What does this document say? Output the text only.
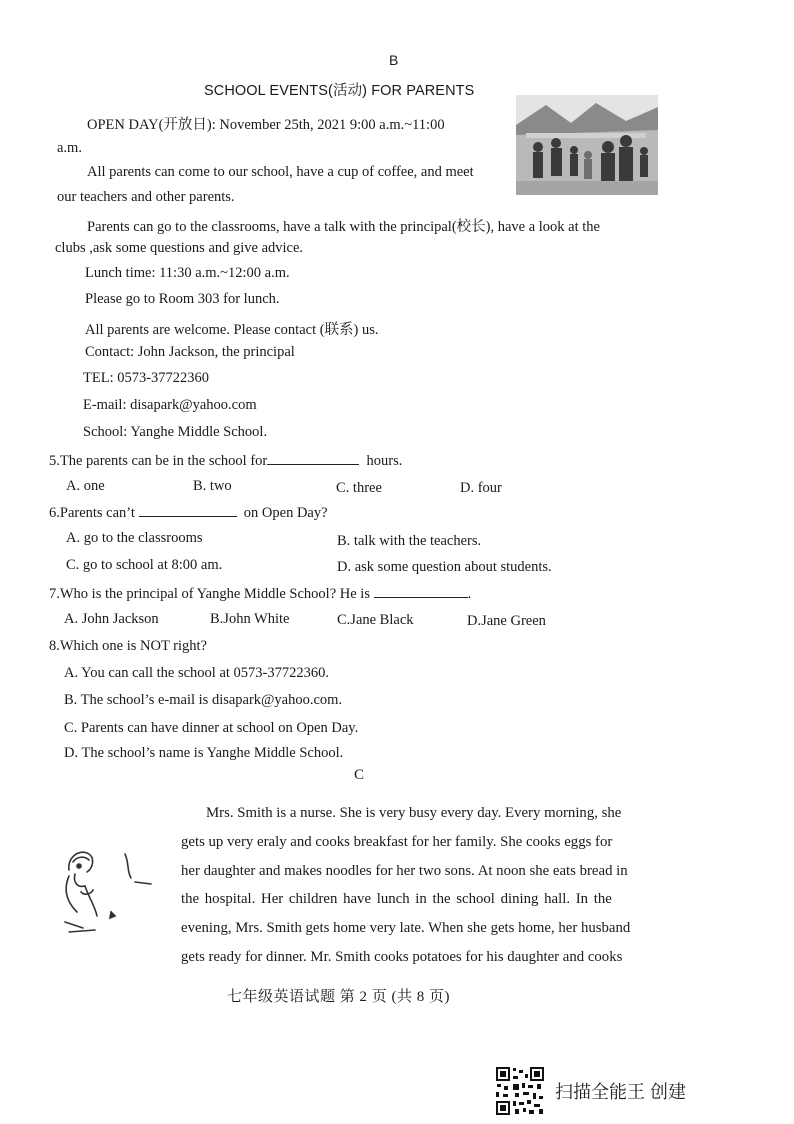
B
SCHOOL EVENTS(活动) FOR PARENTS
OPEN DAY(开放日): November 25th, 2021 9:00 a.m.~11:00
a.m.
All parents can come to our school, have a cup of coffee, and meet
our teachers and other parents.
Parents can go to the classrooms, have a talk with the principal(校长), have a look at the
clubs ,ask some questions and give advice.
Lunch time: 11:30 a.m.~12:00 a.m.
Please go to Room 303 for lunch.
All parents are welcome. Please contact (联系) us.
Contact: John Jackson, the principal
TEL: 0573-37722360
E-mail: disapark@yahoo.com
School: Yanghe Middle School.
5.The parents can be in the school for	hours.
A. one	B. two	C. three	D. four
6.Parents can’t	on Open Day?
A. go to the classrooms	B. talk with the teachers.
C. go to school at 8:00 am.	D. ask some question about students.
7.Who is the principal of Yanghe Middle School? He is	.
A. John Jackson	B.John White	C.Jane Black	D.Jane Green
8.Which one is NOT right?
A. You can call the school at 0573-37722360.
B. The school’s e-mail is disapark@yahoo.com.
C. Parents can have dinner at school on Open Day.
D. The school’s name is Yanghe Middle School.
C
Mrs. Smith is a nurse. She is very busy every day. Every morning, she
gets up very eraly and cooks breakfast for her family. She cooks eggs for
her daughter and makes noodles for her two sons. At noon she eats bread in
the hospital. Her children have lunch in the school dining hall. In the
evening, Mrs. Smith gets home very late. When she gets home, her husband
gets ready for dinner. Mr. Smith cooks potatoes for his daughter and cooks
七年级英语试题 第 2 页 (共 8 页)
扫描全能王 创建
